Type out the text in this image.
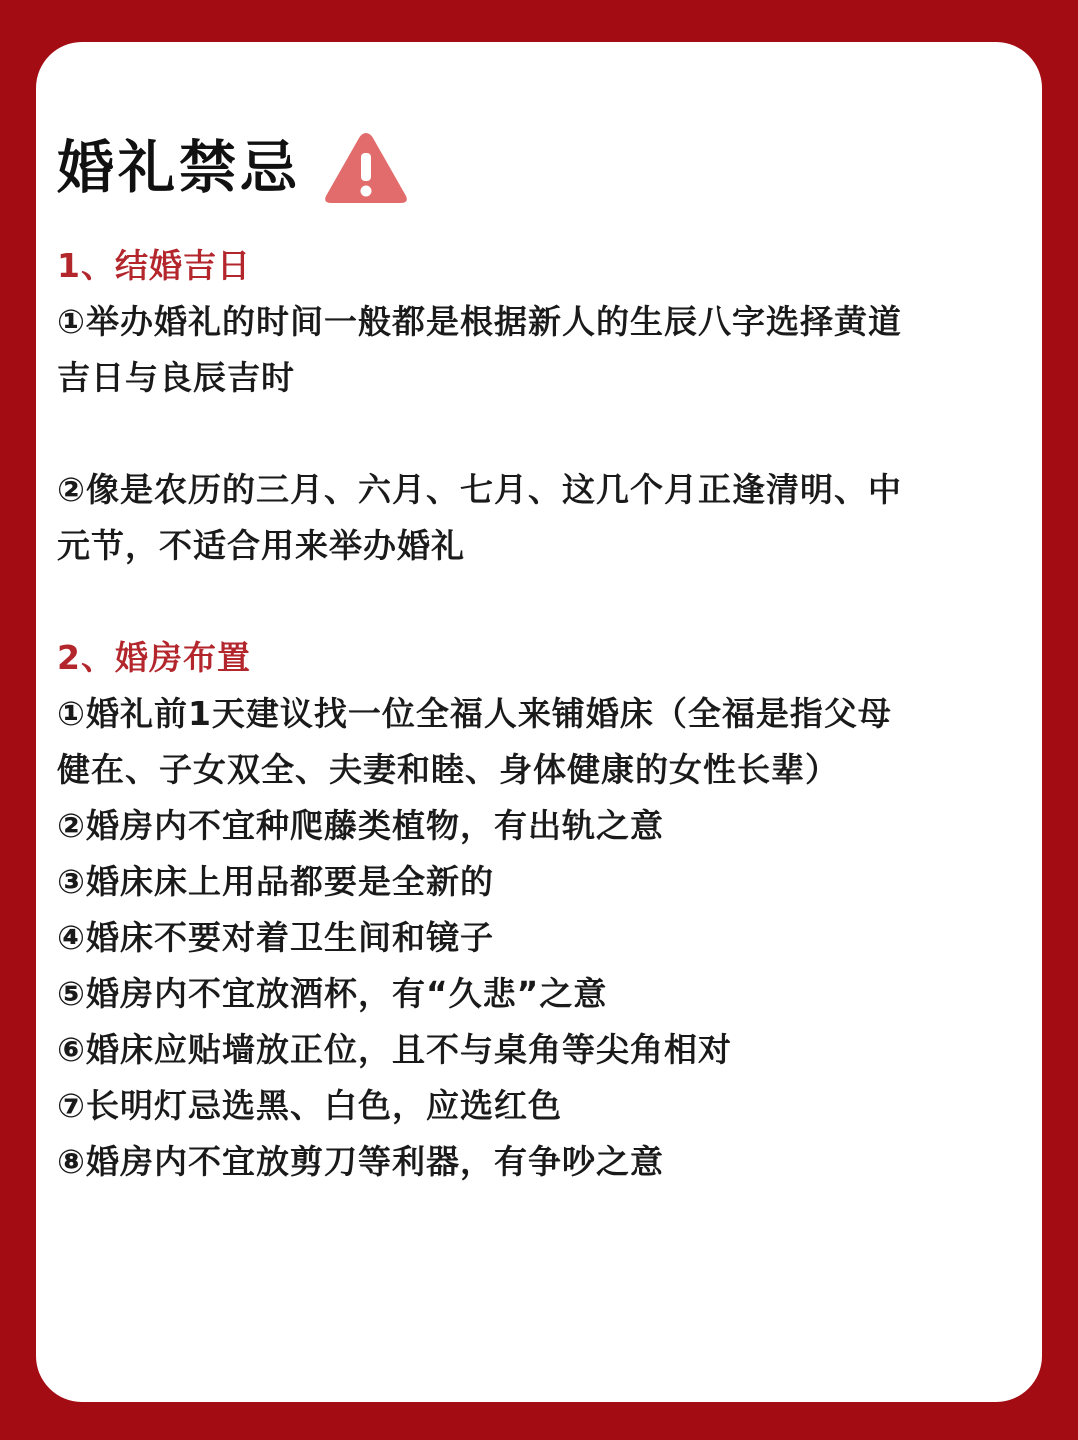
婚礼禁忌
1、结婚吉日
①举办婚礼的时间一般都是根据新人的生辰八字选择黄道
吉日与良辰吉时
②像是农历的三月、六月、七月、这几个月正逢清明、中
元节，不适合用来举办婚礼
2、婚房布置
①婚礼前1天建议找一位全福人来铺婚床（全福是指父母
健在、子女双全、夫妻和睦、身体健康的女性长辈）
②婚房内不宜种爬藤类植物，有出轨之意
③婚床床上用品都要是全新的
④婚床不要对着卫生间和镜子
⑤婚房内不宜放酒杯，有“久悲”之意
⑥婚床应贴墙放正位，且不与桌角等尖角相对
⑦长明灯忌选黑、白色，应选红色
⑧婚房内不宜放剪刀等利器，有争吵之意
